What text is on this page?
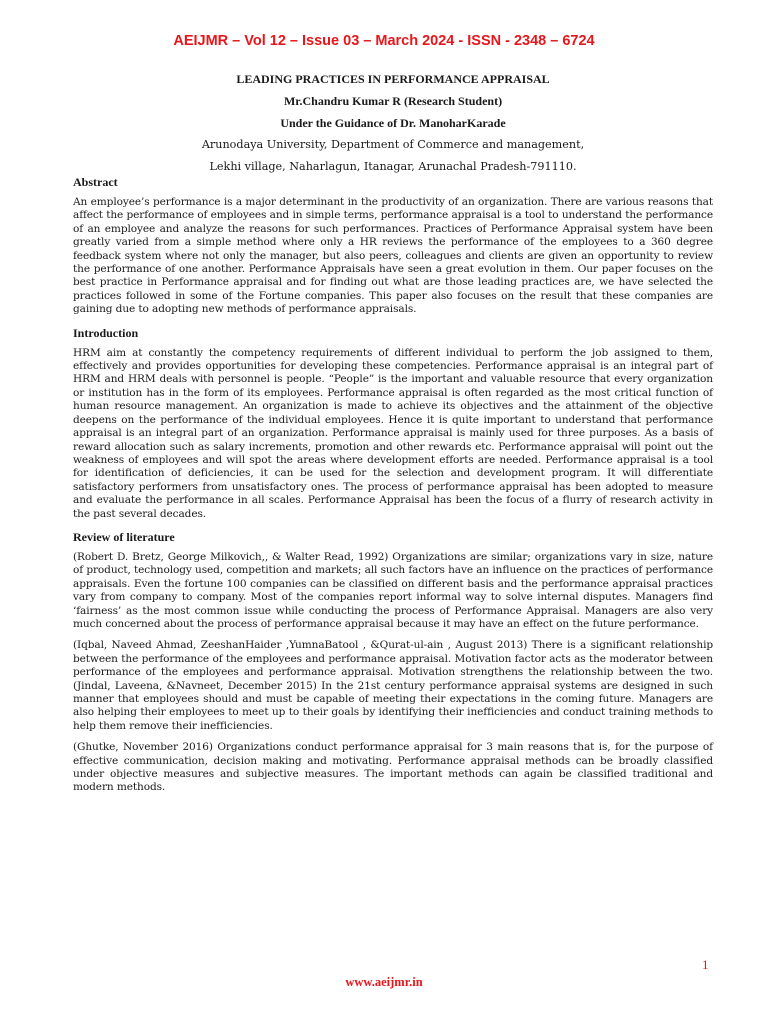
AEIJMR – Vol 12 – Issue 03 – March 2024 - ISSN - 2348 – 6724
LEADING PRACTICES IN PERFORMANCE APPRAISAL
Mr.Chandru Kumar R (Research Student)
Under the Guidance of Dr. ManoharKarade
Arunodaya University, Department of Commerce and management,
Lekhi village, Naharlagun, Itanagar, Arunachal Pradesh-791110.
Abstract

An employee’s performance is a major determinant in the productivity of an organization. There are various reasons that affect the performance of employees and in simple terms, performance appraisal is a tool to understand the performance of an employee and analyze the reasons for such performances. Practices of Performance Appraisal system have been greatly varied from a simple method where only a HR reviews the performance of the employees to a 360 degree feedback system where not only the manager, but also peers, colleagues and clients are given an opportunity to review the performance of one another. Performance Appraisals have seen a great evolution in them. Our paper focuses on the best practice in Performance appraisal and for finding out what are those leading practices are, we have selected the practices followed in some of the Fortune companies. This paper also focuses on the result that these companies are gaining due to adopting new methods of performance appraisals.

Introduction

HRM aim at constantly the competency requirements of different individual to perform the job assigned to them, effectively and provides opportunities for developing these competencies. Performance appraisal is an integral part of HRM and HRM deals with personnel is people. “People” is the important and valuable resource that every organization or institution has in the form of its employees. Performance appraisal is often regarded as the most critical function of human resource management. An organization is made to achieve its objectives and the attainment of the objective deepens on the performance of the individual employees. Hence it is quite important to understand that performance appraisal is an integral part of an organization. Performance appraisal is mainly used for three purposes. As a basis of reward allocation such as salary increments, promotion and other rewards etc. Performance appraisal will point out the weakness of employees and will spot the areas where development efforts are needed. Performance appraisal is a tool for identification of deficiencies, it can be used for the selection and development program. It will differentiate satisfactory performers from unsatisfactory ones. The process of performance appraisal has been adopted to measure and evaluate the performance in all scales. Performance Appraisal has been the focus of a flurry of research activity in the past several decades.

Review of literature

(Robert D. Bretz, George Milkovich,, & Walter Read, 1992) Organizations are similar; organizations vary in size, nature of product, technology used, competition and markets; all such factors have an influence on the practices of performance appraisals. Even the fortune 100 companies can be classified on different basis and the performance appraisal practices vary from company to company. Most of the companies report informal way to solve internal disputes. Managers find ‘fairness’ as the most common issue while conducting the process of Performance Appraisal. Managers are also very much concerned about the process of performance appraisal because it may have an effect on the future performance.

(Iqbal, Naveed Ahmad, ZeeshanHaider ,YumnaBatool , &Qurat-ul-ain , August 2013) There is a significant relationship between the performance of the employees and performance appraisal. Motivation factor acts as the moderator between performance of the employees and performance appraisal. Motivation strengthens the relationship between the two. (Jindal, Laveena, &Navneet, December 2015) In the 21st century performance appraisal systems are designed in such manner that employees should and must be capable of meeting their expectations in the coming future. Managers are also helping their employees to meet up to their goals by identifying their inefficiencies and conduct training methods to help them remove their inefficiencies.

(Ghutke, November 2016) Organizations conduct performance appraisal for 3 main reasons that is, for the purpose of effective communication, decision making and motivating. Performance appraisal methods can be broadly classified under objective measures and subjective measures. The important methods can again be classified traditional and modern methods.

1
www.aeijmr.in
